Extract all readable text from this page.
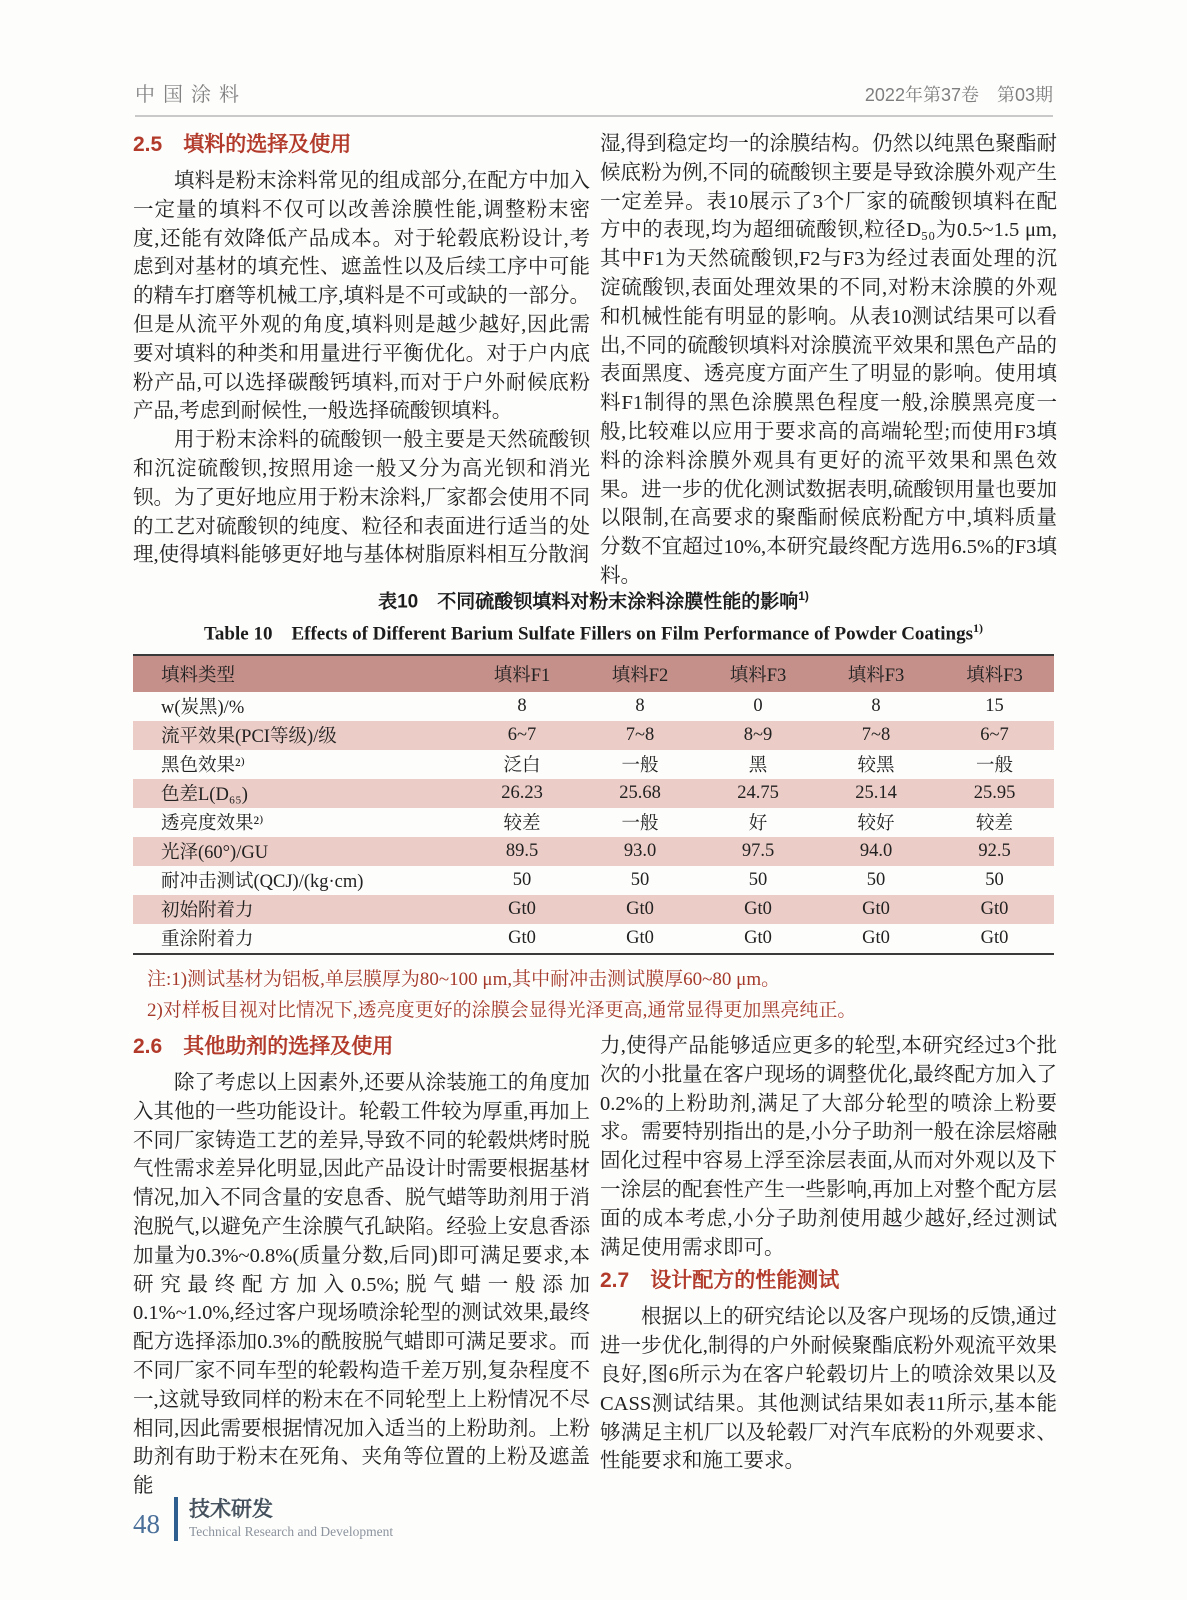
中国涂料	2022年第37卷　第03期
2.5　填料的选择及使用

填料是粉末涂料常见的组成部分,在配方中加入一定量的填料不仅可以改善涂膜性能,调整粉末密度,还能有效降低产品成本。对于轮毂底粉设计,考虑到对基材的填充性、遮盖性以及后续工序中可能的精车打磨等机械工序,填料是不可或缺的一部分。但是从流平外观的角度,填料则是越少越好,因此需要对填料的种类和用量进行平衡优化。对于户内底粉产品,可以选择碳酸钙填料,而对于户外耐候底粉产品,考虑到耐候性,一般选择硫酸钡填料。

用于粉末涂料的硫酸钡一般主要是天然硫酸钡和沉淀硫酸钡,按照用途一般又分为高光钡和消光钡。为了更好地应用于粉末涂料,厂家都会使用不同的工艺对硫酸钡的纯度、粒径和表面进行适当的处理,使得填料能够更好地与基体树脂原料相互分散润

湿,得到稳定均一的涂膜结构。仍然以纯黑色聚酯耐候底粉为例,不同的硫酸钡主要是导致涂膜外观产生一定差异。表10展示了3个厂家的硫酸钡填料在配方中的表现,均为超细硫酸钡,粒径D₅₀为0.5~1.5 μm,其中F1为天然硫酸钡,F2与F3为经过表面处理的沉淀硫酸钡,表面处理效果的不同,对粉末涂膜的外观和机械性能有明显的影响。从表10测试结果可以看出,不同的硫酸钡填料对涂膜流平效果和黑色产品的表面黑度、透亮度方面产生了明显的影响。使用填料F1制得的黑色涂膜黑色程度一般,涂膜黑亮度一般,比较难以应用于要求高的高端轮型;而使用F3填料的涂料涂膜外观具有更好的流平效果和黑色效果。进一步的优化测试数据表明,硫酸钡用量也要加以限制,在高要求的聚酯耐候底粉配方中,填料质量分数不宜超过10%,本研究最终配方选用6.5%的F3填料。

表10　不同硫酸钡填料对粉末涂料涂膜性能的影响$^{1)}$
Table 10　Effects of Different Barium Sulfate Fillers on Film Performance of Powder Coatings$^{1)}$
填料类型	填料F1	填料F2	填料F3	填料F3	填料F3
w(炭黑)/%	8	8	0	8	15
流平效果(PCI等级)/级	6~7	7~8	8~9	7~8	6~7
黑色效果²⁾	泛白	一般	黑	较黑	一般
色差L(D₆₅)	26.23	25.68	24.75	25.14	25.95
透亮度效果²⁾	较差	一般	好	较好	较差
光泽(60°)/GU	89.5	93.0	97.5	94.0	92.5
耐冲击测试(QCJ)/(kg·cm)	50	50	50	50	50
初始附着力	Gt0	Gt0	Gt0	Gt0	Gt0
重涂附着力	Gt0	Gt0	Gt0	Gt0	Gt0
注:1)测试基材为铝板,单层膜厚为80~100 μm,其中耐冲击测试膜厚60~80 μm。
2)对样板目视对比情况下,透亮度更好的涂膜会显得光泽更高,通常显得更加黑亮纯正。
2.6　其他助剂的选择及使用

除了考虑以上因素外,还要从涂装施工的角度加入其他的一些功能设计。轮毂工件较为厚重,再加上不同厂家铸造工艺的差异,导致不同的轮毂烘烤时脱气性需求差异化明显,因此产品设计时需要根据基材情况,加入不同含量的安息香、脱气蜡等助剂用于消泡脱气,以避免产生涂膜气孔缺陷。经验上安息香添加量为0.3%~0.8%(质量分数,后同)即可满足要求,本研究最终配方加入0.5%;脱气蜡一般添加0.1%~1.0%,经过客户现场喷涂轮型的测试效果,最终配方选择添加0.3%的酰胺脱气蜡即可满足要求。而不同厂家不同车型的轮毂构造千差万别,复杂程度不一,这就导致同样的粉末在不同轮型上上粉情况不尽相同,因此需要根据情况加入适当的上粉助剂。上粉助剂有助于粉末在死角、夹角等位置的上粉及遮盖能

力,使得产品能够适应更多的轮型,本研究经过3个批次的小批量在客户现场的调整优化,最终配方加入了0.2%的上粉助剂,满足了大部分轮型的喷涂上粉要求。需要特别指出的是,小分子助剂一般在涂层熔融固化过程中容易上浮至涂层表面,从而对外观以及下一涂层的配套性产生一些影响,再加上对整个配方层面的成本考虑,小分子助剂使用越少越好,经过测试满足使用需求即可。

2.7　设计配方的性能测试

根据以上的研究结论以及客户现场的反馈,通过进一步优化,制得的户外耐候聚酯底粉外观流平效果良好,图6所示为在客户轮毂切片上的喷涂效果以及CASS测试结果。其他测试结果如表11所示,基本能够满足主机厂以及轮毂厂对汽车底粉的外观要求、性能要求和施工要求。

48 技术研发
Technical Research and Development
